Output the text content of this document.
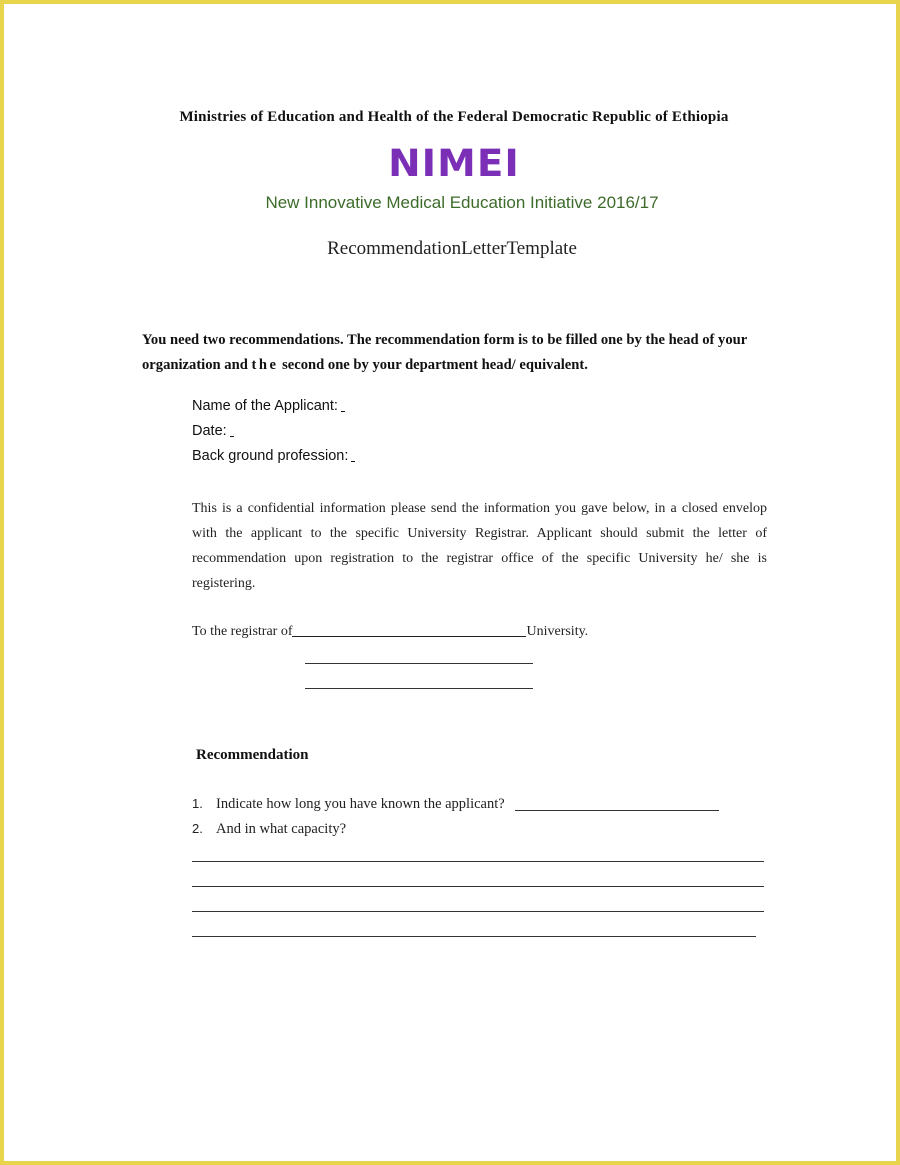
Ministries of Education and Health of the Federal Democratic Republic of Ethiopia
NIMEI
New Innovative Medical Education Initiative 2016/17
RecommendationLetterTemplate
You need two recommendations. The recommendation form is to be filled one by the head of your organization and the second one by your department head/ equivalent.
Name of the Applicant:
Date:
Back ground profession:
This is a confidential information please send the information you gave below, in a closed envelop with the applicant to the specific University Registrar. Applicant should submit the letter of recommendation upon registration to the registrar office of the specific University he/ she is registering.
To the registrar of	University.
Recommendation
1. Indicate how long you have known the applicant?
2. And in what capacity?
